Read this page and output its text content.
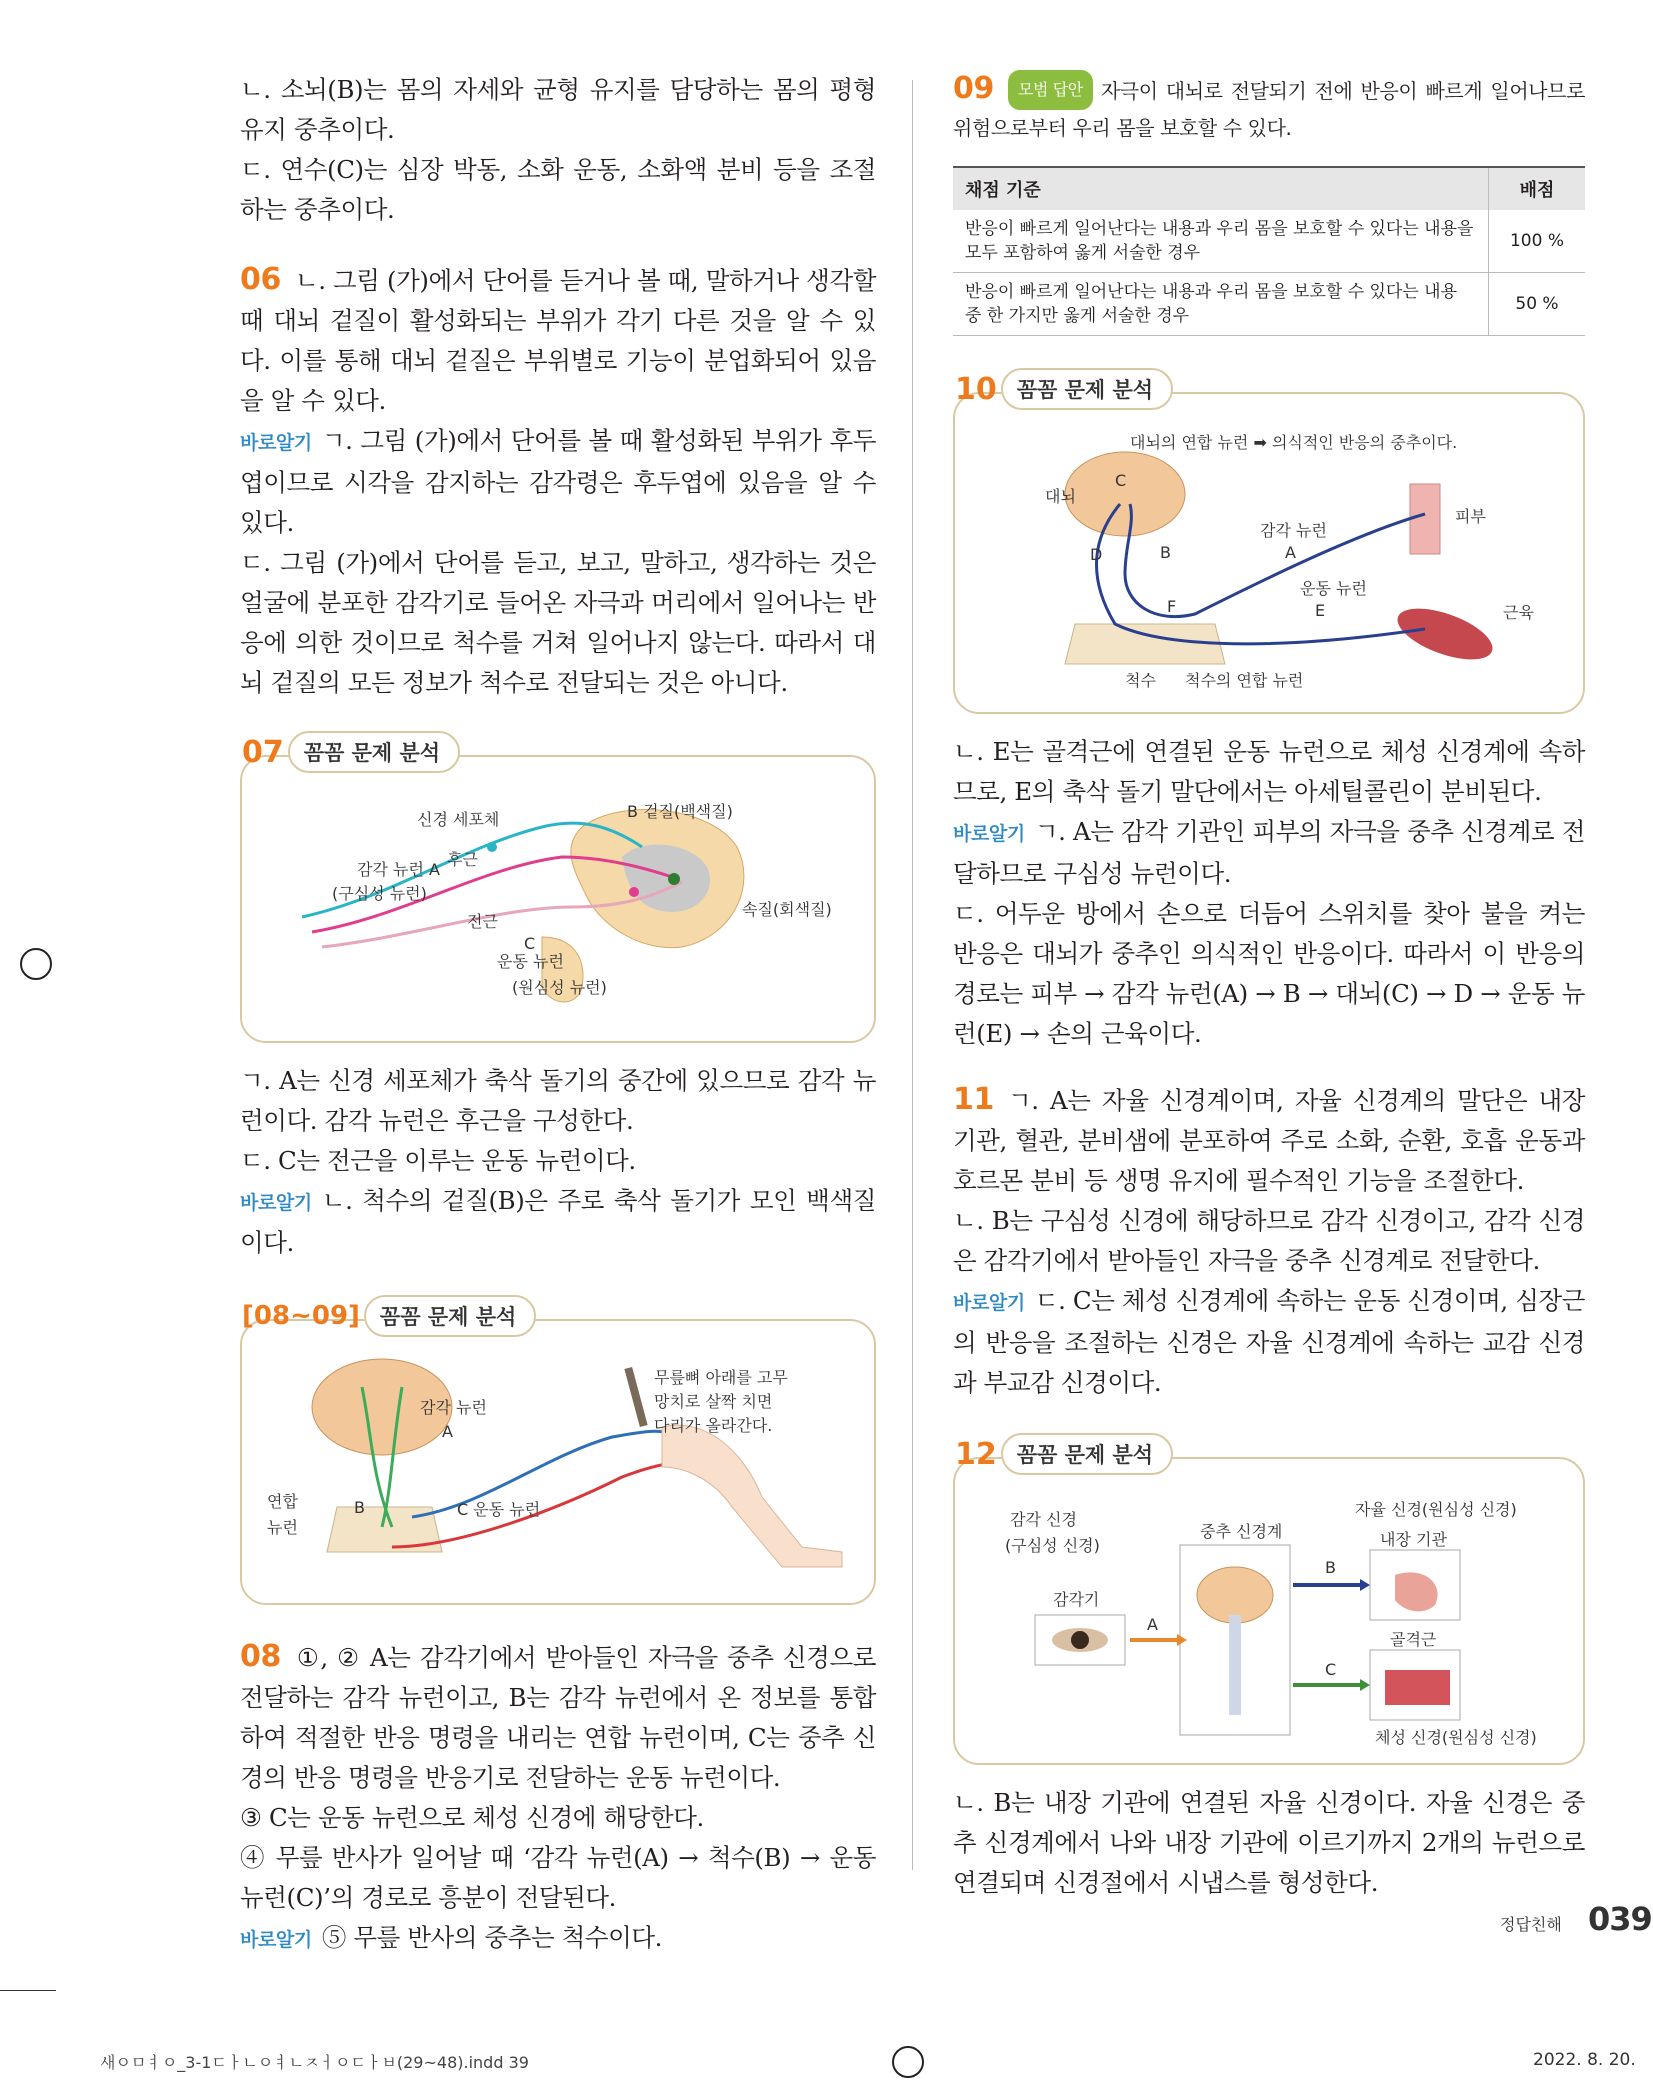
ㄴ. 소뇌(B)는 몸의 자세와 균형 유지를 담당하는 몸의 평형 유지 중추이다.

ㄷ. 연수(C)는 심장 박동, 소화 운동, 소화액 분비 등을 조절하는 중추이다.

06 ㄴ. 그림 (가)에서 단어를 듣거나 볼 때, 말하거나 생각할 때 대뇌 겉질이 활성화되는 부위가 각기 다른 것을 알 수 있다. 이를 통해 대뇌 겉질은 부위별로 기능이 분업화되어 있음을 알 수 있다.

바로알기 ㄱ. 그림 (가)에서 단어를 볼 때 활성화된 부위가 후두엽이므로 시각을 감지하는 감각령은 후두엽에 있음을 알 수 있다.

ㄷ. 그림 (가)에서 단어를 듣고, 보고, 말하고, 생각하는 것은 얼굴에 분포한 감각기로 들어온 자극과 머리에서 일어나는 반응에 의한 것이므로 척수를 거쳐 일어나지 않는다. 따라서 대뇌 겉질의 모든 정보가 척수로 전달되는 것은 아니다.

07 꼼꼼 문제 분석
신경 세포체	B 겉질(백색질)
후근
감각 뉴런 A
(구심성 뉴런)
속질(회색질)
전근
C
운동 뉴런
(원심성 뉴런)

ㄱ. A는 신경 세포체가 축삭 돌기의 중간에 있으므로 감각 뉴런이다. 감각 뉴런은 후근을 구성한다.

ㄷ. C는 전근을 이루는 운동 뉴런이다.

바로알기 ㄴ. 척수의 겉질(B)은 주로 축삭 돌기가 모인 백색질이다.

[08~09] 꼼꼼 문제 분석
감각 뉴런
A
연합
뉴런
B	C 운동 뉴런
무릎뼈 아래를 고무
망치로 살짝 치면
다리가 올라간다.

08 ①, ② A는 감각기에서 받아들인 자극을 중추 신경으로 전달하는 감각 뉴런이고, B는 감각 뉴런에서 온 정보를 통합하여 적절한 반응 명령을 내리는 연합 뉴런이며, C는 중추 신경의 반응 명령을 반응기로 전달하는 운동 뉴런이다.

③ C는 운동 뉴런으로 체성 신경에 해당한다.

④ 무릎 반사가 일어날 때 ‘감각 뉴런(A) → 척수(B) → 운동 뉴런(C)’의 경로로 흥분이 전달된다.

바로알기 ⑤ 무릎 반사의 중추는 척수이다.

09 모범 답안 자극이 대뇌로 전달되기 전에 반응이 빠르게 일어나므로 위험으로부터 우리 몸을 보호할 수 있다.

채점 기준	배점
반응이 빠르게 일어난다는 내용과 우리 몸을 보호할 수 있다는 내용을 모두 포함하여 옳게 서술한 경우	100 %
반응이 빠르게 일어난다는 내용과 우리 몸을 보호할 수 있다는 내용 중 한 가지만 옳게 서술한 경우	50 %
10 꼼꼼 문제 분석
대뇌의 연합 뉴런 ➡ 의식적인 반응의 중추이다.
대뇌
C
D	B
F
감각 뉴런
A
피부
운동 뉴런
E	근육
척수 척수의 연합 뉴런

ㄴ. E는 골격근에 연결된 운동 뉴런으로 체성 신경계에 속하므로, E의 축삭 돌기 말단에서는 아세틸콜린이 분비된다.

바로알기 ㄱ. A는 감각 기관인 피부의 자극을 중추 신경계로 전달하므로 구심성 뉴런이다.

ㄷ. 어두운 방에서 손으로 더듬어 스위치를 찾아 불을 켜는 반응은 대뇌가 중추인 의식적인 반응이다. 따라서 이 반응의 경로는 피부 → 감각 뉴런(A) → B → 대뇌(C) → D → 운동 뉴런(E) → 손의 근육이다.

11 ㄱ. A는 자율 신경계이며, 자율 신경계의 말단은 내장 기관, 혈관, 분비샘에 분포하여 주로 소화, 순환, 호흡 운동과 호르몬 분비 등 생명 유지에 필수적인 기능을 조절한다.

ㄴ. B는 구심성 신경에 해당하므로 감각 신경이고, 감각 신경은 감각기에서 받아들인 자극을 중추 신경계로 전달한다.

바로알기 ㄷ. C는 체성 신경계에 속하는 운동 신경이며, 심장근의 반응을 조절하는 신경은 자율 신경계에 속하는 교감 신경과 부교감 신경이다.

12 꼼꼼 문제 분석
감각 신경
(구심성 신경)
감각기
A
중추 신경계
B
C
자율 신경(원심성 신경)
내장 기관
골격근
체성 신경(원심성 신경)

ㄴ. B는 내장 기관에 연결된 자율 신경이다. 자율 신경은 중추 신경계에서 나와 내장 기관에 이르기까지 2개의 뉴런으로 연결되며 신경절에서 시냅스를 형성한다.

정답친해 039
새ㅇㅁㅕㅇ_3-1ㄷㅏㄴㅇㅕㄴㅈㅓㅇㄷㅏㅂ(29~48).indd 39	2022. 8. 20.
